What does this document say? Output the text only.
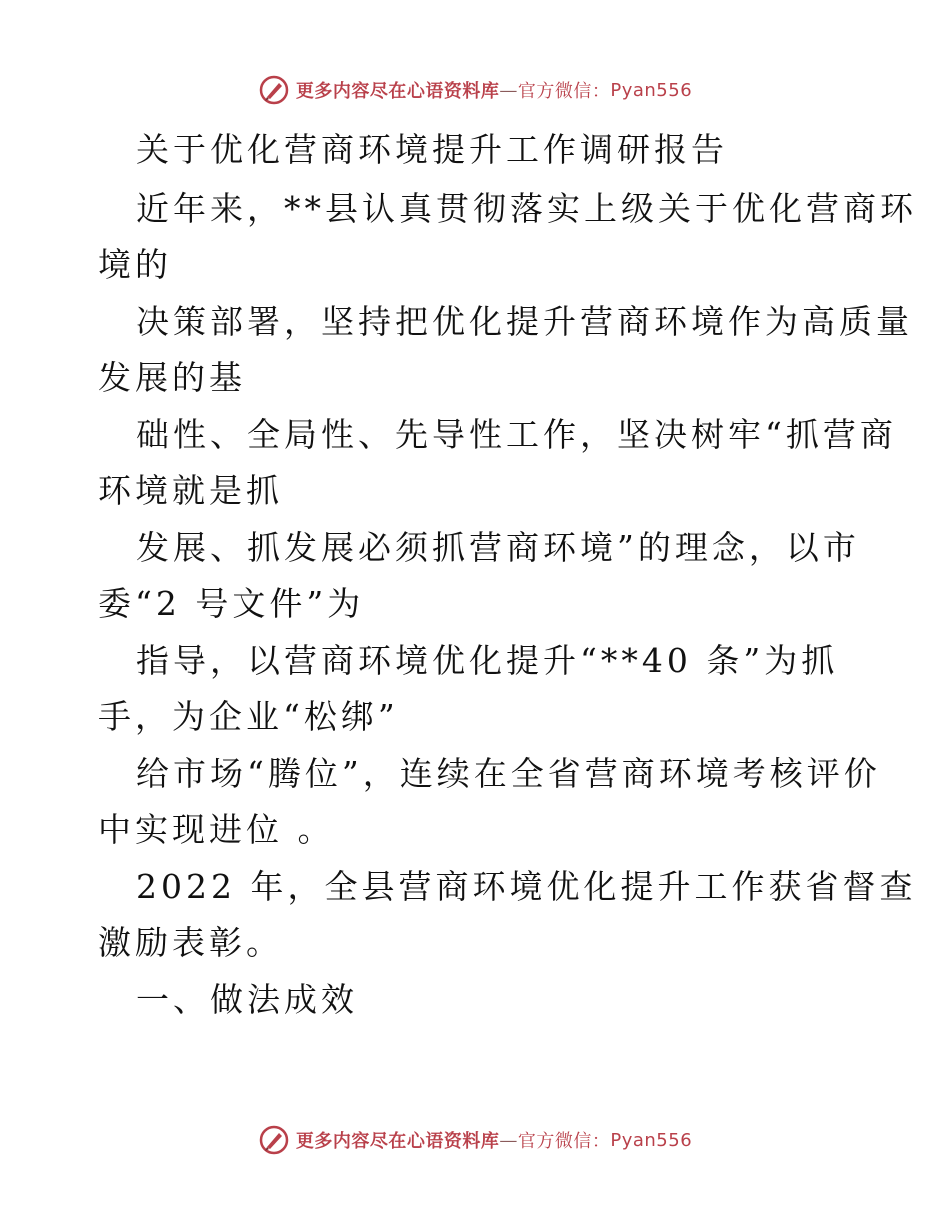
更多内容尽在心语资料库 — 官方微信： Pyan556
关于优化营商环境提升工作调研报告
近年来，**县认真贯彻落实上级关于优化营商环
境的
决策部署，坚持把优化提升营商环境作为高质量
发展的基
础性、全局性、先导性工作，坚决树牢“抓营商
环境就是抓
发展、抓发展必须抓营商环境”的理念，以市
委“2 号文件”为
指导，以营商环境优化提升“**40 条”为抓
手，为企业“松绑”
给市场“腾位”，连续在全省营商环境考核评价
中实现进位 。
2022 年，全县营商环境优化提升工作获省督查
激励表彰。
一、做法成效
更多内容尽在心语资料库 — 官方微信： Pyan556
